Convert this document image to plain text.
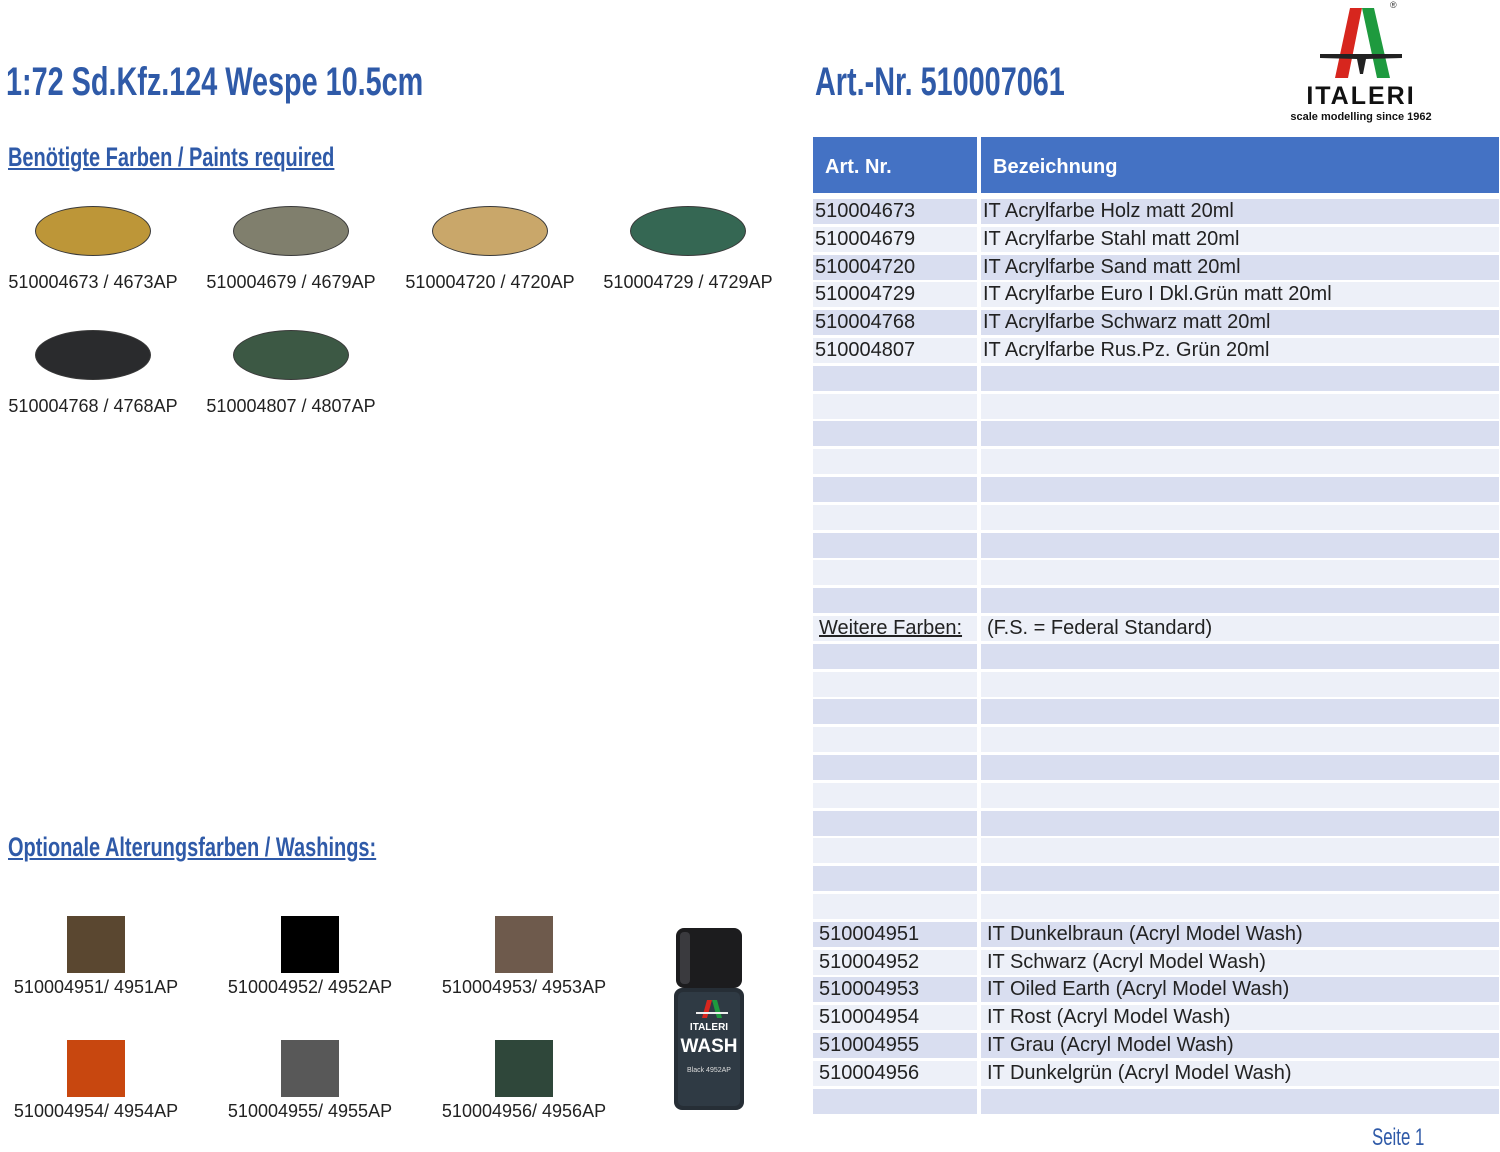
1:72 Sd.Kfz.124 Wespe 10.5cm	Art.-Nr. 510007061
®
ITALERI
scale modelling since 1962
Benötigte Farben / Paints required
510004673 / 4673AP	510004679 / 4679AP	510004720 / 4720AP	510004729 / 4729AP
510004768 / 4768AP	510004807 / 4807AP
Optionale Alterungsfarben / Washings:
510004951/ 4951AP	510004952/ 4952AP	510004953/ 4953AP
510004954/ 4954AP	510004955/ 4955AP	510004956/ 4956AP
ITALERI
WASH
Black 4952AP
Art. Nr.	Bezeichnung
510004673	IT Acrylfarbe Holz matt 20ml
510004679	IT Acrylfarbe Stahl matt 20ml
510004720	IT Acrylfarbe Sand matt 20ml
510004729	IT Acrylfarbe Euro I Dkl.Grün matt 20ml
510004768	IT Acrylfarbe Schwarz matt 20ml
510004807	IT Acrylfarbe Rus.Pz. Grün 20ml
Weitere Farben: (F.S. = Federal Standard)
510004951	IT Dunkelbraun (Acryl Model Wash)
510004952	IT Schwarz (Acryl Model Wash)
510004953	IT Oiled Earth (Acryl Model Wash)
510004954	IT Rost (Acryl Model Wash)
510004955	IT Grau (Acryl Model Wash)
510004956	IT Dunkelgrün (Acryl Model Wash)
Seite 1
